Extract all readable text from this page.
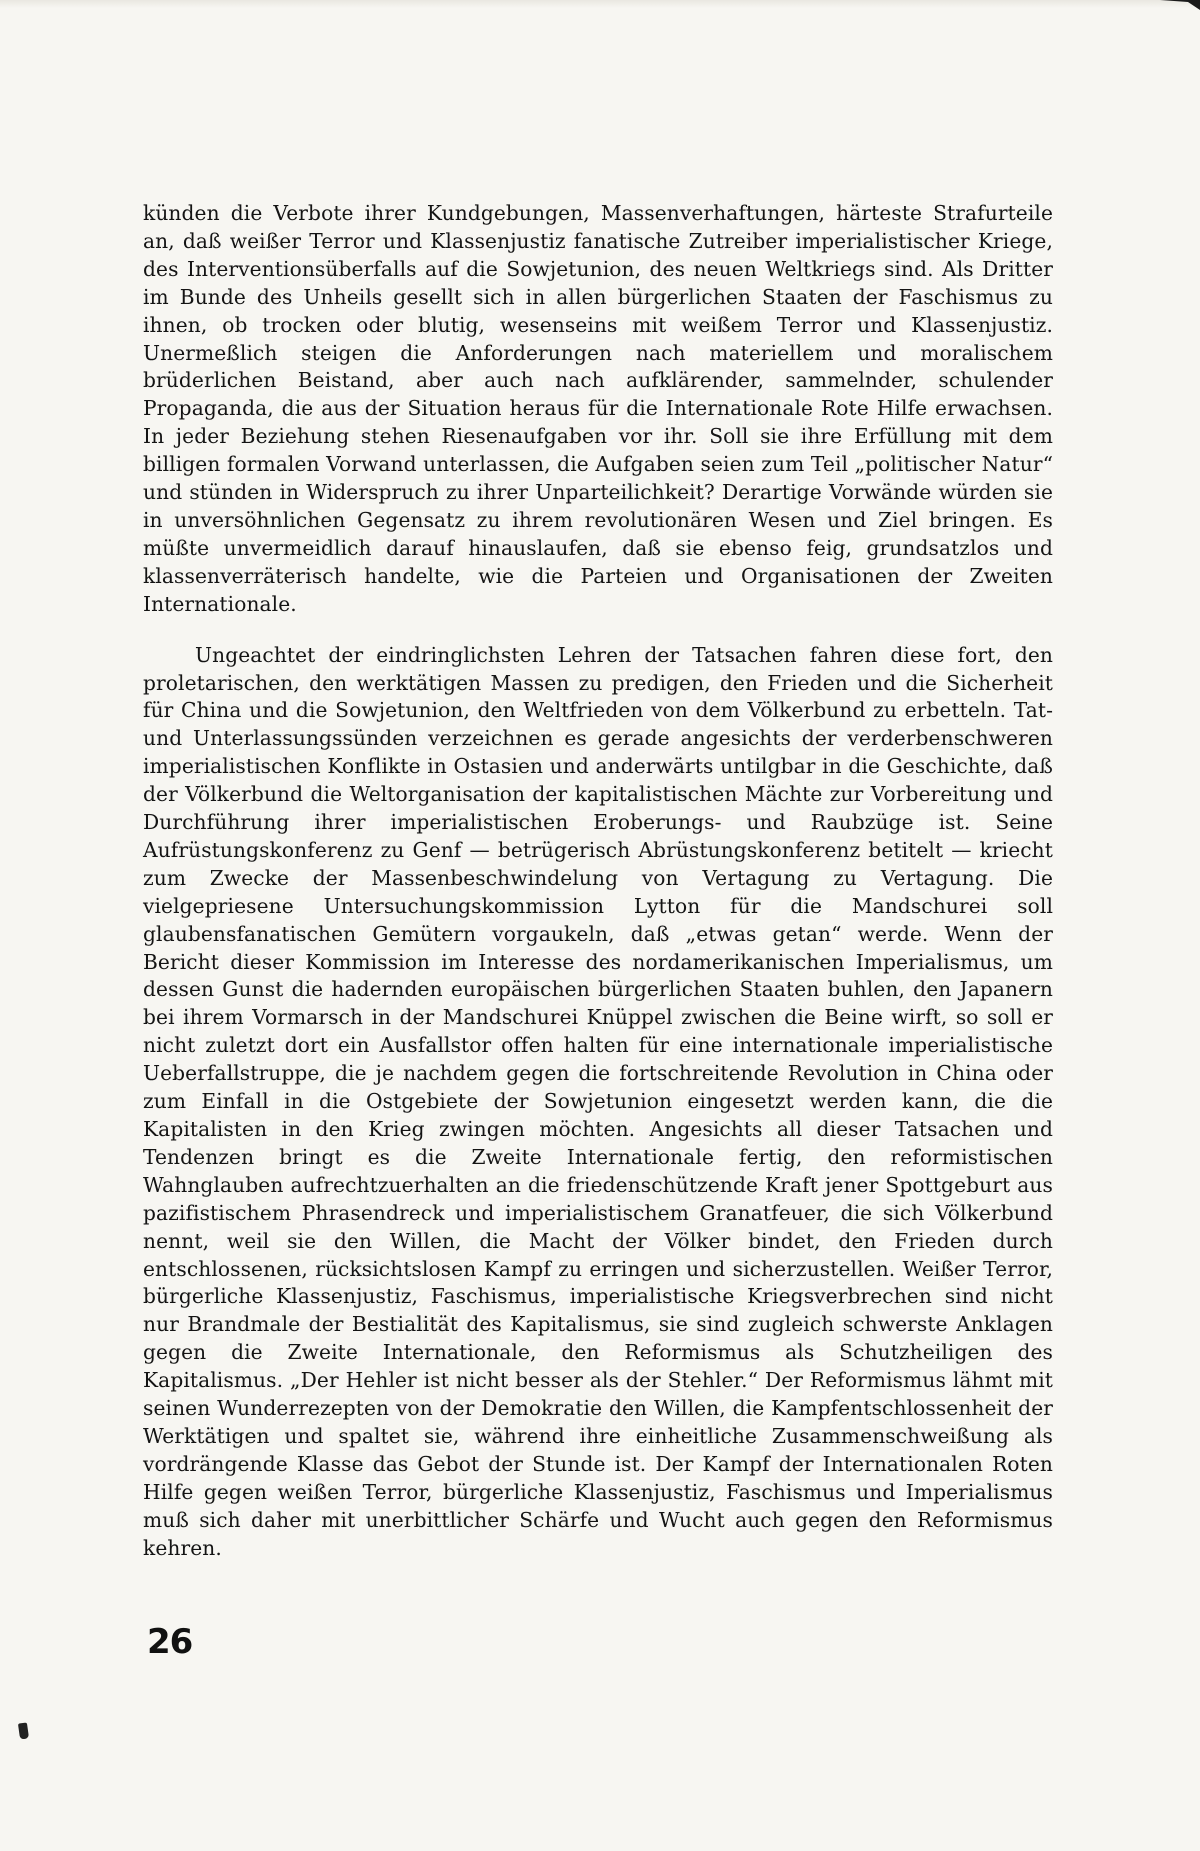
künden die Verbote ihrer Kundgebungen, Massenverhaftungen, härteste Strafurteile an, daß weißer Terror und Klassenjustiz fanatische Zutreiber imperialistischer Kriege, des Interventionsüberfalls auf die Sowjetunion, des neuen Weltkriegs sind. Als Dritter im Bunde des Unheils gesellt sich in allen bürgerlichen Staaten der Faschismus zu ihnen, ob trocken oder blutig, wesenseins mit weißem Terror und Klassenjustiz. Unermeßlich steigen die Anforderungen nach materiellem und moralischem brüderlichen Beistand, aber auch nach aufklärender, sammelnder, schulender Propaganda, die aus der Situation heraus für die Internationale Rote Hilfe erwachsen. In jeder Beziehung stehen Riesenaufgaben vor ihr. Soll sie ihre Erfüllung mit dem billigen formalen Vorwand unterlassen, die Aufgaben seien zum Teil „politischer Natur“ und stünden in Widerspruch zu ihrer Unparteilichkeit? Derartige Vorwände würden sie in unversöhnlichen Gegensatz zu ihrem revolutionären Wesen und Ziel bringen. Es müßte unvermeidlich darauf hinauslaufen, daß sie ebenso feig, grundsatzlos und klassenverräterisch handelte, wie die Parteien und Organisationen der Zweiten Internationale.

Ungeachtet der eindringlichsten Lehren der Tatsachen fahren diese fort, den proletarischen, den werktätigen Massen zu predigen, den Frieden und die Sicherheit für China und die Sowjetunion, den Weltfrieden von dem Völkerbund zu erbetteln. Tat- und Unterlassungssünden verzeichnen es gerade angesichts der verderbenschweren imperialistischen Konflikte in Ostasien und anderwärts untilgbar in die Geschichte, daß der Völkerbund die Weltorganisation der kapitalistischen Mächte zur Vorbereitung und Durchführung ihrer imperialistischen Eroberungs- und Raubzüge ist. Seine Aufrüstungskonferenz zu Genf — betrügerisch Abrüstungskonferenz betitelt — kriecht zum Zwecke der Massenbeschwindelung von Vertagung zu Vertagung. Die vielgepriesene Untersuchungskommission Lytton für die Mandschurei soll glaubensfanatischen Gemütern vorgaukeln, daß „etwas getan“ werde. Wenn der Bericht dieser Kommission im Interesse des nordamerikanischen Imperialismus, um dessen Gunst die hadernden europäischen bürgerlichen Staaten buhlen, den Japanern bei ihrem Vormarsch in der Mandschurei Knüppel zwischen die Beine wirft, so soll er nicht zuletzt dort ein Ausfallstor offen halten für eine internationale imperialistische Ueberfallstruppe, die je nachdem gegen die fortschreitende Revolution in China oder zum Einfall in die Ostgebiete der Sowjetunion eingesetzt werden kann, die die Kapitalisten in den Krieg zwingen möchten. Angesichts all dieser Tatsachen und Tendenzen bringt es die Zweite Internationale fertig, den reformistischen Wahnglauben aufrechtzuerhalten an die friedenschützende Kraft jener Spottgeburt aus pazifistischem Phrasendreck und imperialistischem Granatfeuer, die sich Völkerbund nennt, weil sie den Willen, die Macht der Völker bindet, den Frieden durch entschlossenen, rücksichtslosen Kampf zu erringen und sicherzustellen. Weißer Terror, bürgerliche Klassenjustiz, Faschismus, imperialistische Kriegsverbrechen sind nicht nur Brandmale der Bestialität des Kapitalismus, sie sind zugleich schwerste Anklagen gegen die Zweite Internationale, den Reformismus als Schutzheiligen des Kapitalismus. „Der Hehler ist nicht besser als der Stehler.“ Der Reformismus lähmt mit seinen Wunderrezepten von der Demokratie den Willen, die Kampfentschlossenheit der Werktätigen und spaltet sie, während ihre einheitliche Zusammenschweißung als vordrängende Klasse das Gebot der Stunde ist. Der Kampf der Internationalen Roten Hilfe gegen weißen Terror, bürgerliche Klassenjustiz, Faschismus und Imperialismus muß sich daher mit unerbittlicher Schärfe und Wucht auch gegen den Reformismus kehren.

26
